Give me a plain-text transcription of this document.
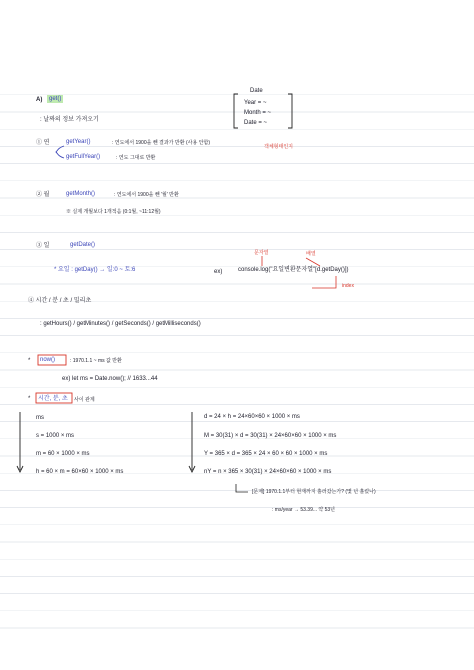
A)	get()
Date
Year = ~
Month = ~
Date = ~
객체형태인지
: 날짜의 정보 가져오기
① 연	getYear()	: 연도에서 1900을 뺀 결과가 반환 (사용 안함)
getFullYear()	: 연도 그대로 반환
② 월	getMonth()	: 연도에서 1900을 뺀 '월' 반환
※ 실제 개월보다 1개적음 (0:1월, ~11:12월)
③ 일	getDate()
* 요일 : getDay() → 일:0 ~ 토:6	ex)	console.log("요일변환문자열"[d.getDay()])
문자열	배열
index
④ 시간 / 분 / 초 / 밀리초
: getHours() / getMinutes() / getSeconds() / getMilliseconds()
* now()	: 1970.1.1 ~ ms 값 반환
ex) let ms = Date.now(); // 1633...44
* 시간, 분, 초 사이 관계
ms
s = 1000 × ms
m = 60 × 1000 × ms
h = 60 × m = 60×60 × 1000 × ms
d = 24 × h = 24×60×60 × 1000 × ms
M = 30(31) × d = 30(31) × 24×60×60 × 1000 × ms
Y = 365 × d = 365 × 24 × 60 × 60 × 1000 × ms
nY = n × 365 × 30(31) × 24×60×60 × 1000 × ms
[문제] 1970.1.1부터 현재까지 흘러갔는가? (몇 년 흘렀나)
: ms/year → 53.39... 약 53년
